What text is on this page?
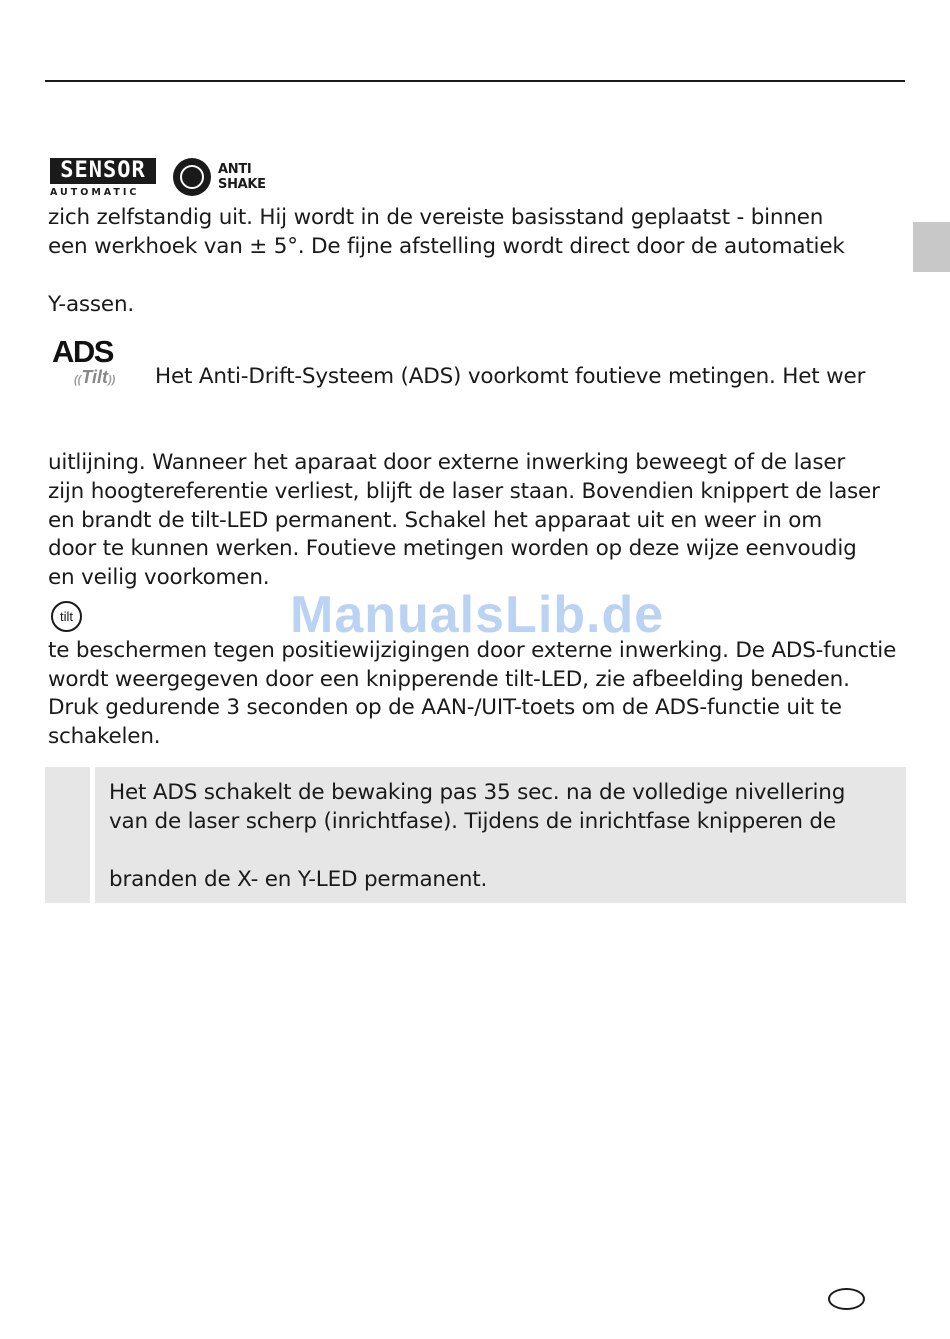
SENSOR
AUTOMATIC
ANTI
SHAKE
zich zelfstandig uit. Hij wordt in de vereiste basisstand geplaatst - binnen
een werkhoek van ± 5°. De fijne afstelling wordt direct door de automatiek
Y-assen.
ADS
((Tilt))	Het Anti-Drift-Systeem (ADS) voorkomt foutieve metingen. Het wer
uitlijning. Wanneer het aparaat door externe inwerking beweegt of de laser
zijn hoogtereferentie verliest, blijft de laser staan. Bovendien knippert de laser
en brandt de tilt-LED permanent. Schakel het apparaat uit en weer in om
door te kunnen werken. Foutieve metingen worden op deze wijze eenvoudig
en veilig voorkomen.
tilt	ManualsLib.de
te beschermen tegen positiewijzigingen door externe inwerking. De ADS-functie
wordt weergegeven door een knipperende tilt-LED, zie afbeelding beneden.
Druk gedurende 3 seconden op de AAN-/UIT-toets om de ADS-functie uit te
schakelen.
Het ADS schakelt de bewaking pas 35 sec. na de volledige nivellering
van de laser scherp (inrichtfase). Tijdens de inrichtfase knipperen de
branden de X- en Y-LED permanent.
